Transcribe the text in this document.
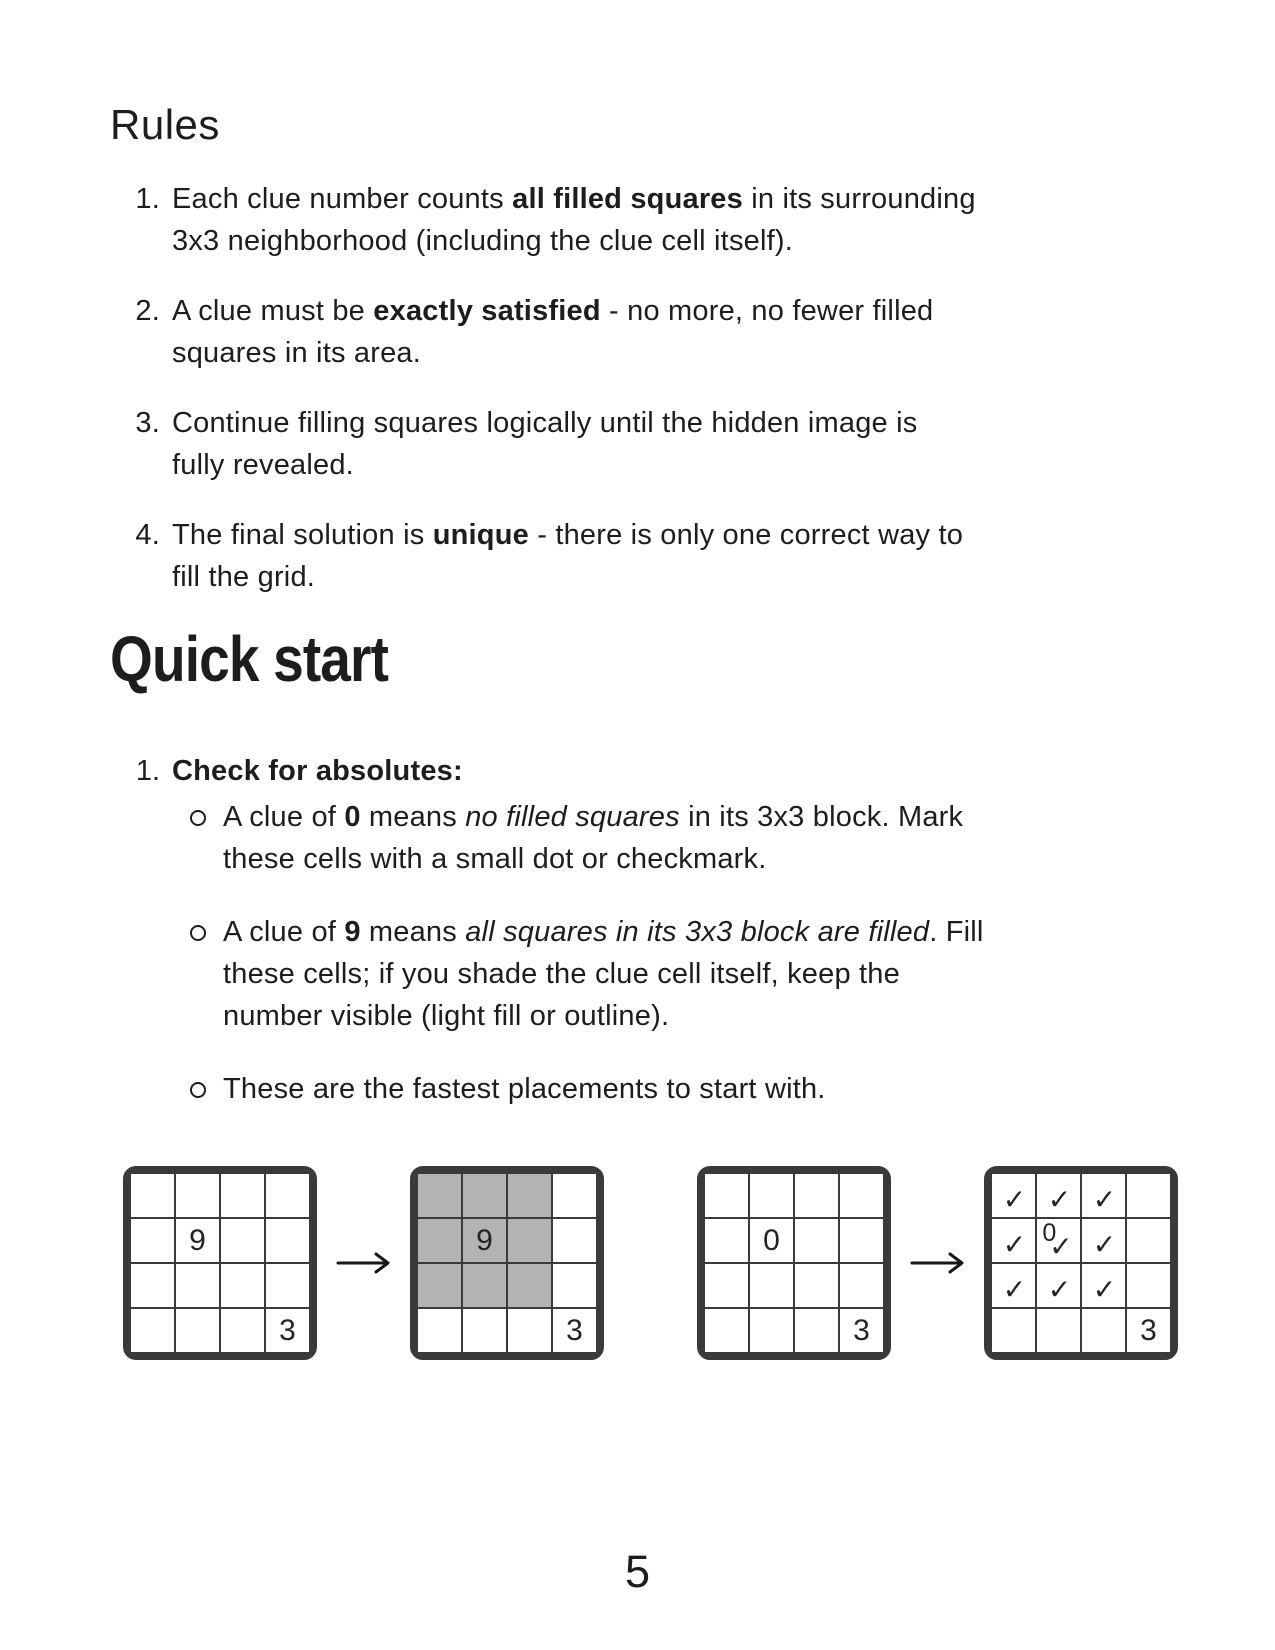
Rules
1. Each clue number counts all filled squares in its surrounding
3x3 neighborhood (including the clue cell itself).
2. A clue must be exactly satisfied - no more, no fewer filled
squares in its area.
3. Continue filling squares logically until the hidden image is
fully revealed.
4. The final solution is unique - there is only one correct way to
fill the grid.
Quick start
1. Check for absolutes:
A clue of 0 means no filled squares in its 3x3 block. Mark
these cells with a small dot or checkmark.
A clue of 9 means all squares in its 3x3 block are filled. Fill
these cells; if you shade the clue cell itself, keep the
number visible (light fill or outline).
These are the fastest placements to start with.
9
3
9
3
0
3
✓ ✓ ✓
✓ 0
✓ ✓
✓ ✓ ✓
3
5
